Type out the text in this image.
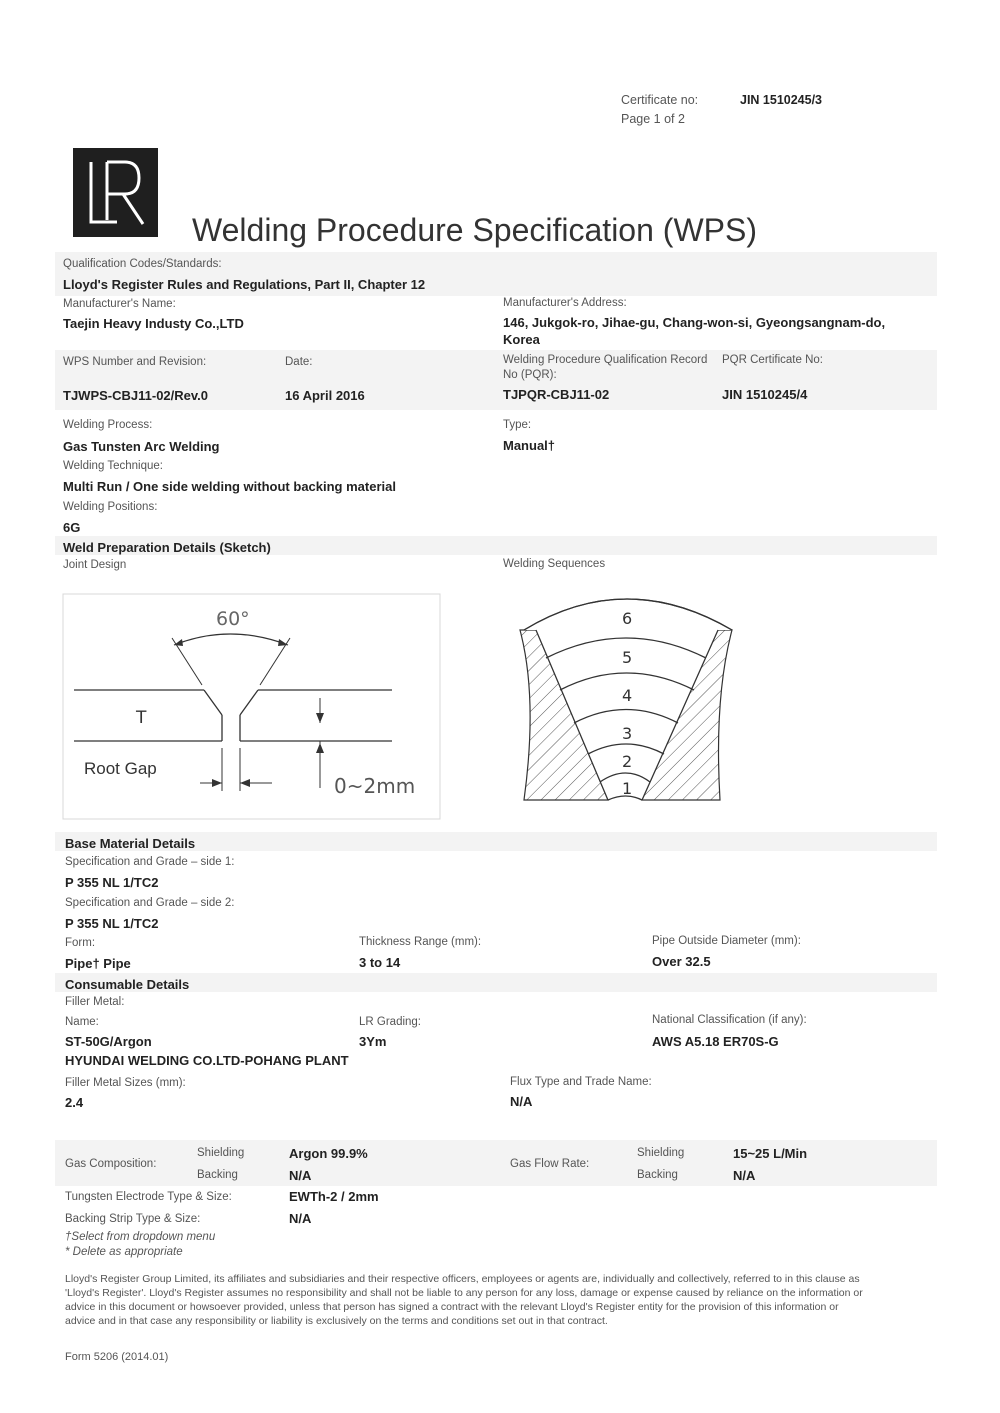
Certificate no:	JIN 1510245/3
Page 1 of 2
Welding Procedure Specification (WPS)
Qualification Codes/Standards:
Lloyd's Register Rules and Regulations, Part II, Chapter 12
Manufacturer's Name:
Taejin Heavy Industy Co.,LTD
Manufacturer's Address:
146, Jukgok-ro, Jihae-gu, Chang-won-si, Gyeongsangnam-do,
Korea
WPS Number and Revision:	Date:	Welding Procedure Qualification Record
No (PQR):
PQR Certificate No:
TJWPS-CBJ11-02/Rev.0	16 April 2016	TJPQR-CBJ11-02	JIN 1510245/4
Welding Process:
Gas Tunsten Arc Welding
Type:
Manual†
Welding Technique:
Multi Run / One side welding without backing material
Welding Positions:
6G
Weld Preparation Details (Sketch)
Joint Design	Welding Sequences
60°
T
Root Gap
0~2mm
6
5
4
3
2
1
Base Material Details
Specification and Grade – side 1:
P 355 NL 1/TC2
Specification and Grade – side 2:
P 355 NL 1/TC2
Form:
Pipe† Pipe
Thickness Range (mm):
3 to 14
Pipe Outside Diameter (mm):
Over 32.5
Consumable Details
Filler Metal:
Name:
ST-50G/Argon
HYUNDAI WELDING CO.LTD-POHANG PLANT
LR Grading:
3Ym
National Classification (if any):
AWS A5.18 ER70S-G
Filler Metal Sizes (mm):
2.4
Flux Type and Trade Name:
N/A
Gas Composition:
Shielding	Argon 99.9%
Backing	N/A
Gas Flow Rate:
Shielding	15~25 L/Min
Backing	N/A
Tungsten Electrode Type & Size:	EWTh-2 / 2mm
Backing Strip Type & Size:	N/A
†Select from dropdown menu
* Delete as appropriate
Lloyd's Register Group Limited, its affiliates and subsidiaries and their respective officers, employees or agents are, individually and collectively, referred to in this clause as
'Lloyd's Register'. Lloyd's Register assumes no responsibility and shall not be liable to any person for any loss, damage or expense caused by reliance on the information or
advice in this document or howsoever provided, unless that person has signed a contract with the relevant Lloyd's Register entity for the provision of this information or
advice and in that case any responsibility or liability is exclusively on the terms and conditions set out in that contract.
Form 5206 (2014.01)
